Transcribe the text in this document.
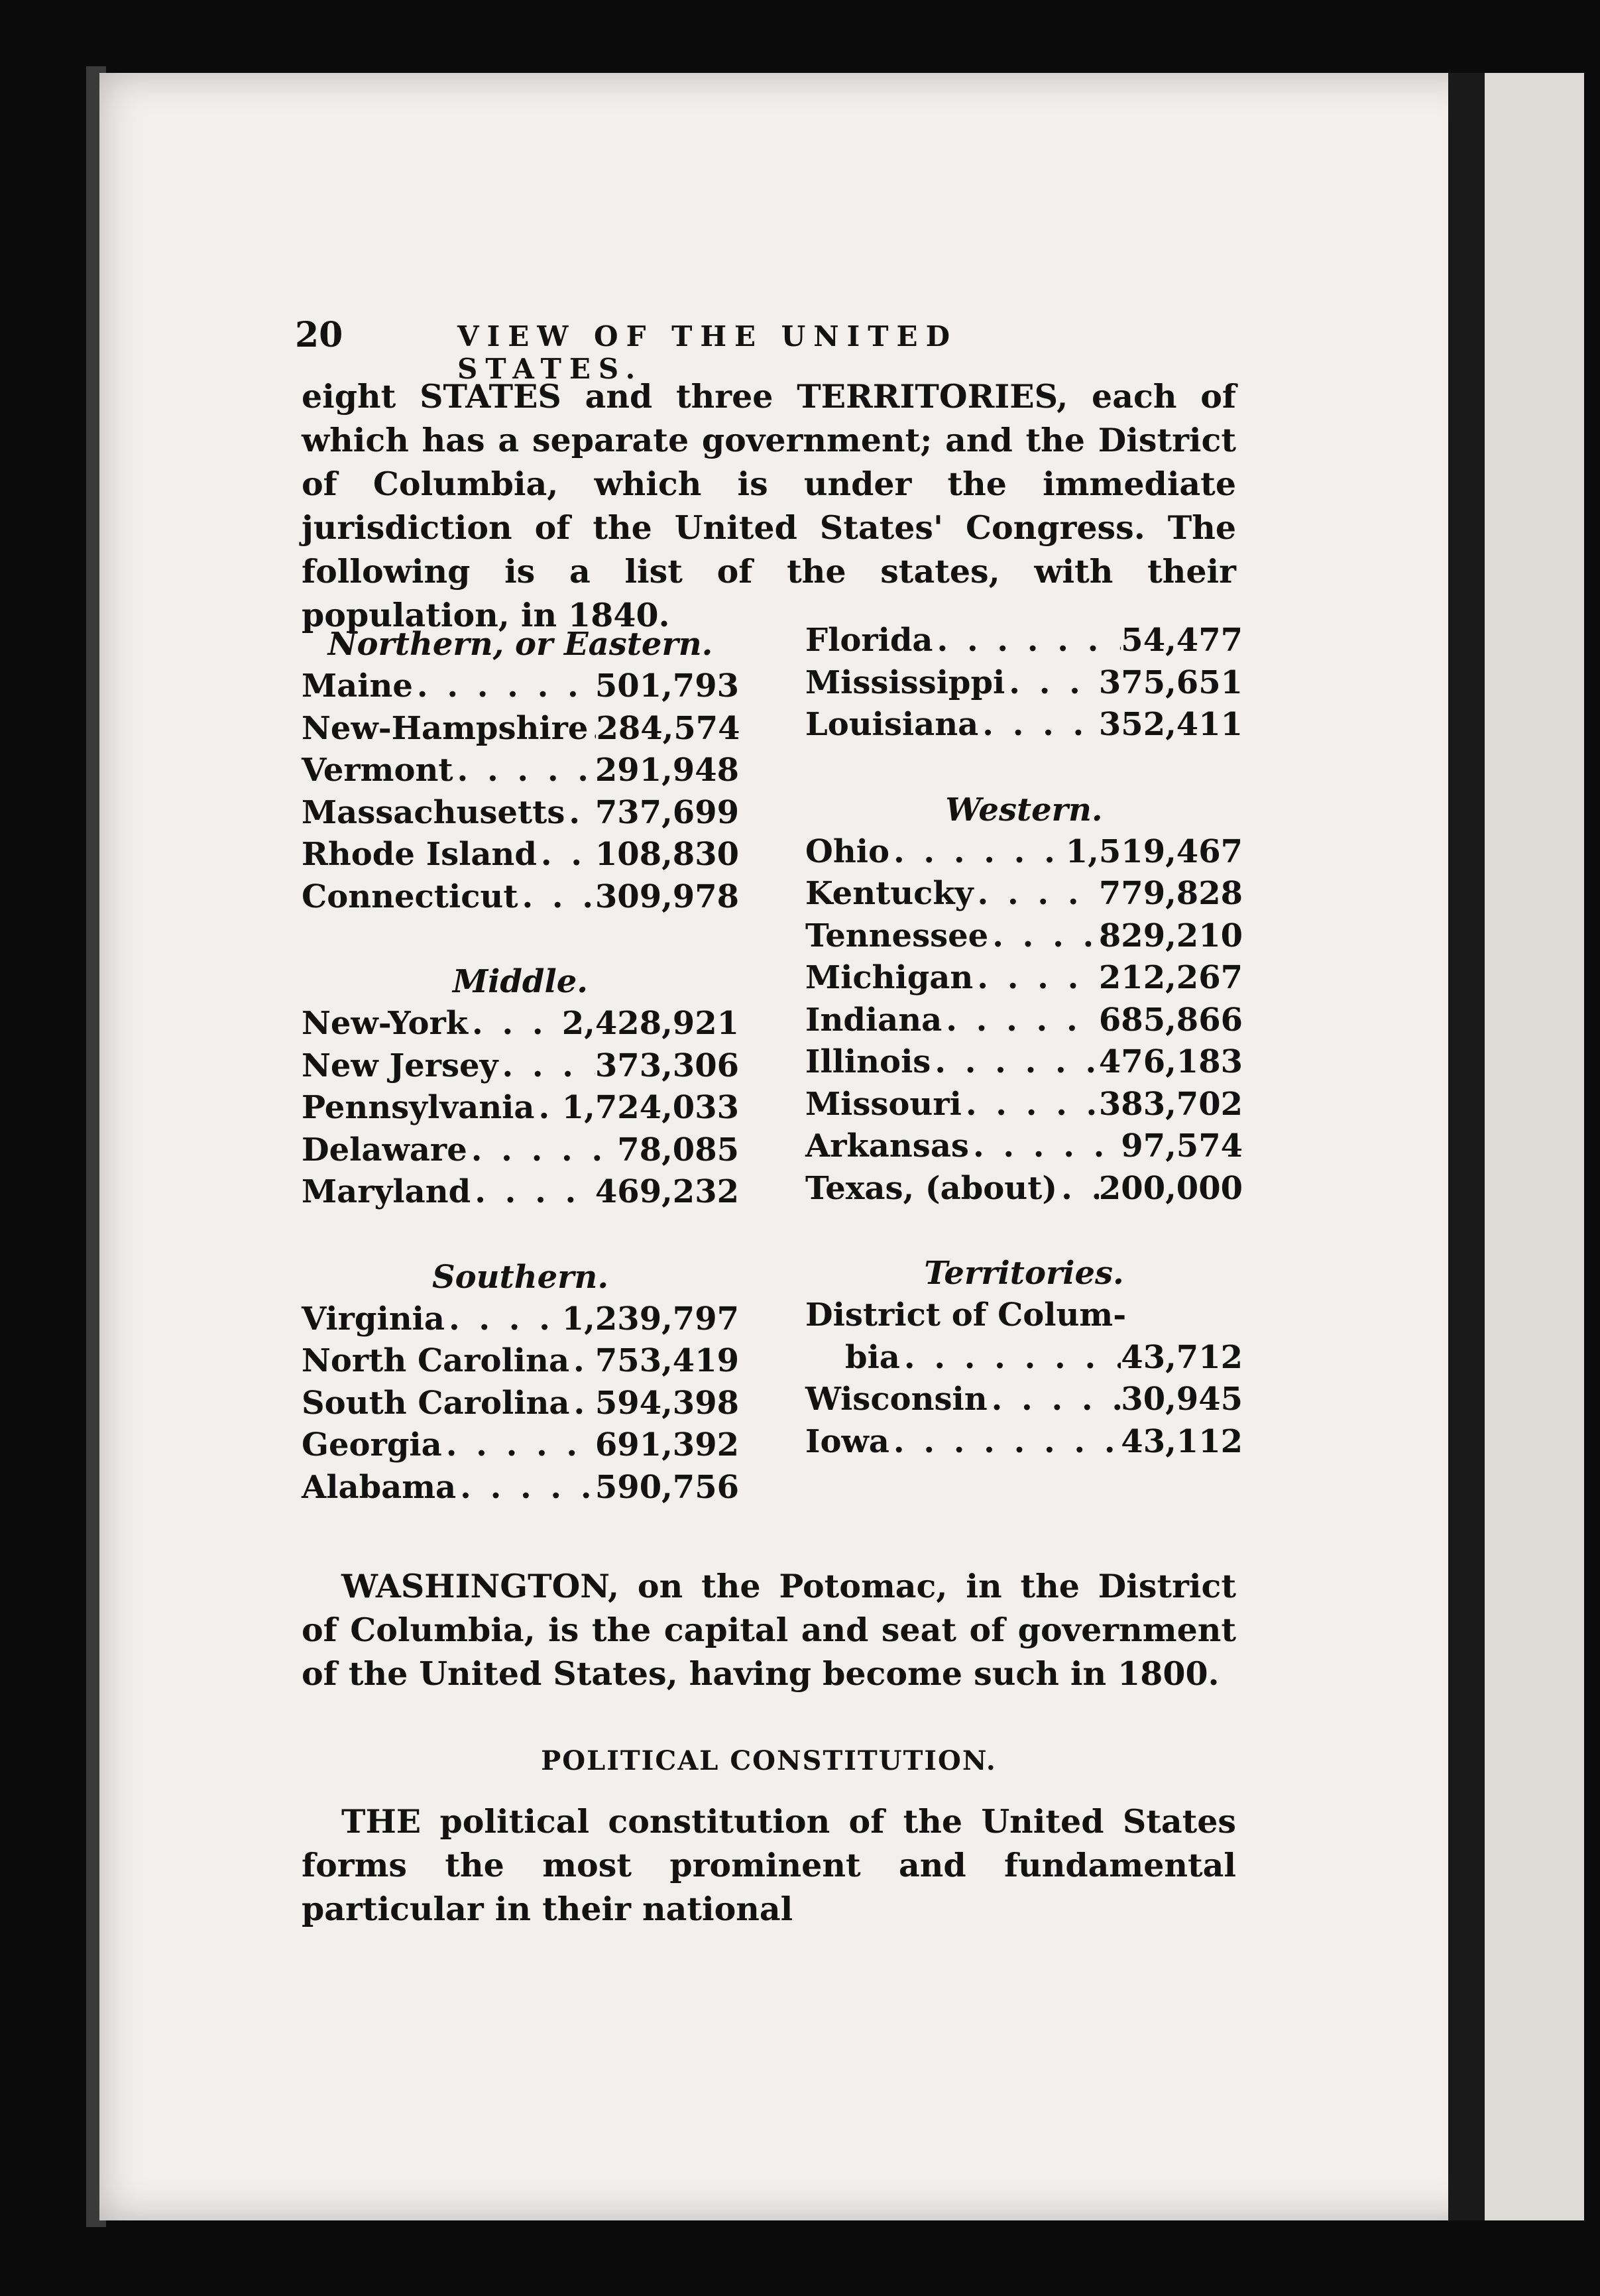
20	VIEW OF THE UNITED STATES.
eight STATES and three TERRITORIES, each of which has a separate government; and the District of Columbia, which is under the immediate jurisdiction of the United States' Congress. The following is a list of the states, with their population, in 1840.
Northern, or Eastern.
Maine . . .	501,793
New-Hampshire . . . 284,574
Vermont . . .	291,948
Massachusetts . . . 737,699
Rhode Island . . . 108,830
Connecticut . . . 309,978
Middle.
New-York . . .	2,428,921
New Jersey . . .	373,306
Pennsylvania . . . 1,724,033
Delaware . . .	78,085
Maryland . . .	469,232
Southern.
Virginia . . .	1,239,797
North Carolina . . . 753,419
South Carolina . . . 594,398
Georgia . . .	691,392
Alabama . . .	590,756
Florida . . .	54,477
Mississippi . . .	375,651
Louisiana . . .	352,411
Western.
Ohio . . .	1,519,467
Kentucky . . .	779,828
Tennessee . . .	829,210
Michigan . . .	212,267
Indiana . . .	685,866
Illinois . . .	476,183
Missouri . . .	383,702
Arkansas . . .	97,574
Texas, (about) . . . 200,000
Territories.
District of Colum-
bia . . .	43,712
Wisconsin . . .	30,945
Iowa . . .	43,112
WASHINGTON, on the Potomac, in the District of Columbia, is the capital and seat of government of the United States, having become such in 1800.
POLITICAL CONSTITUTION.
THE political constitution of the United States forms the most prominent and fundamental particular in their national
